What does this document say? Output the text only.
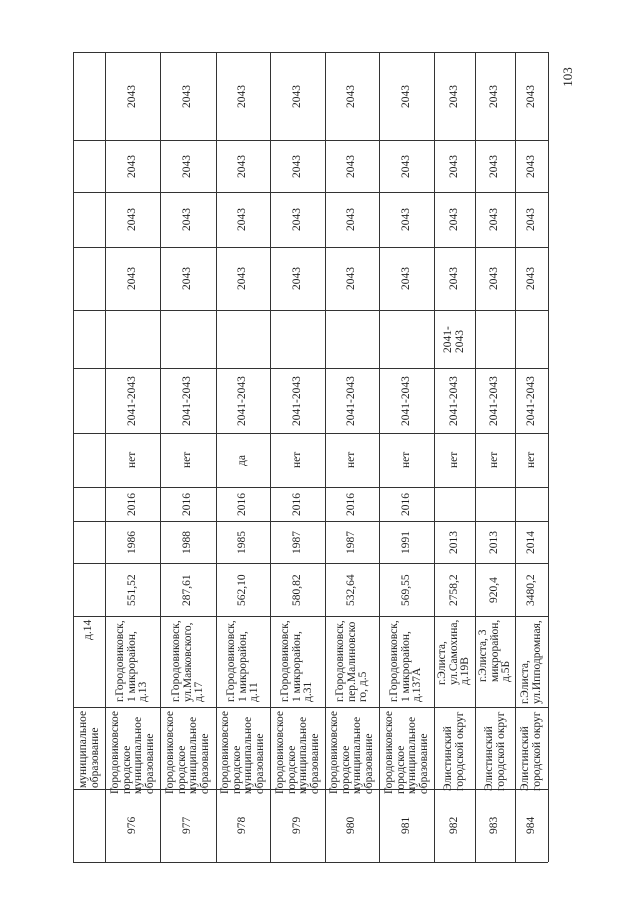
103
муниципальное
образование
д.14
2043
2043
2043
2043
2041-2043
нет
2016
1986
551,52
г.Городовиковск,
1 микрорайон,
д.13
Городовиковское
городское
муниципальное
образование
976
2043
2043
2043
2043
2041-2043
нет
2016
1988
287,61
г.Городовиковск,
ул.Маяковского,
д.17
Городовиковское
городское
муниципальное
образование
977
2043
2043
2043
2043
2041-2043
да
2016
1985
562,10
г.Городовиковск,
1 микрорайон,
д.11
Городовиковское
городское
муниципальное
образование
978
2043
2043
2043
2043
2041-2043
нет
2016
1987
580,82
г.Городовиковск,
1 микрорайон,
д.31
Городовиковское
городское
муниципальное
образование
979
2043
2043
2043
2043
2041-2043
нет
2016
1987
532,64
г.Городовиковск,
пер.Малиновско
го, д.5
Городовиковское
городское
муниципальное
образование
980
2043
2043
2043
2043
2041-2043
нет
2016
1991
569,55
г.Городовиковск,
1 микрорайон,
д.137А
Городовиковское
городское
муниципальное
образование
981
2043
2043
2043
2043
2041-
2043
2041-2043
нет
2013
2758,2
г.Элиста,
ул.Самохина,
д.19В
Элистинский
городской округ
982
2043
2043
2043
2043
2041-2043
нет
2013
920,4
г.Элиста, 3
микрорайон,
д.5Б
Элистинский
городской округ
983
2043
2043
2043
2043
2041-2043
нет
2014
3480,2
г.Элиста,
ул.Ипподромная,
Элистинский
городской округ
984
